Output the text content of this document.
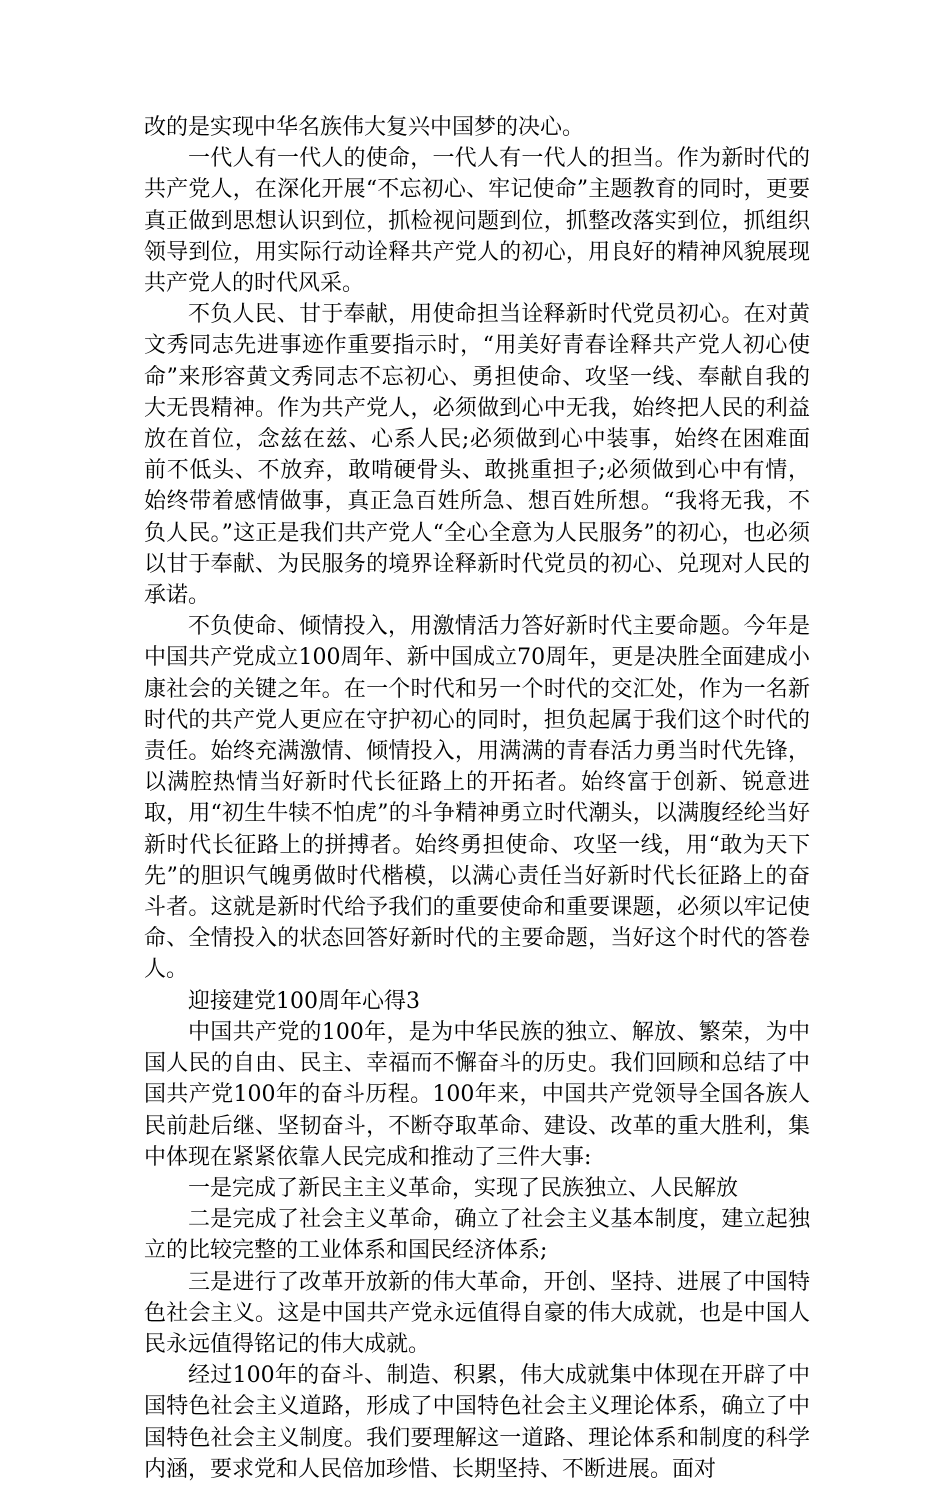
改的是实现中华名族伟大复兴中国梦的决心。

一代人有一代人的使命，一代人有一代人的担当。作为新时代的共产党人，在深化开展“不忘初心、牢记使命”主题教育的同时，更要真正做到思想认识到位，抓检视问题到位，抓整改落实到位，抓组织领导到位，用实际行动诠释共产党人的初心，用良好的精神风貌展现共产党人的时代风采。

不负人民、甘于奉献，用使命担当诠释新时代党员初心。在对黄文秀同志先进事迹作重要指示时，“用美好青春诠释共产党人初心使命”来形容黄文秀同志不忘初心、勇担使命、攻坚一线、奉献自我的大无畏精神。作为共产党人，必须做到心中无我，始终把人民的利益放在首位，念兹在兹、心系人民;必须做到心中装事，始终在困难面前不低头、不放弃，敢啃硬骨头、敢挑重担子;必须做到心中有情，始终带着感情做事，真正急百姓所急、想百姓所想。“我将无我，不负人民。”这正是我们共产党人“全心全意为人民服务”的初心，也必须以甘于奉献、为民服务的境界诠释新时代党员的初心、兑现对人民的承诺。

不负使命、倾情投入，用激情活力答好新时代主要命题。今年是中国共产党成立100周年、新中国成立70周年，更是决胜全面建成小康社会的关键之年。在一个时代和另一个时代的交汇处，作为一名新时代的共产党人更应在守护初心的同时，担负起属于我们这个时代的责任。始终充满激情、倾情投入，用满满的青春活力勇当时代先锋，以满腔热情当好新时代长征路上的开拓者。始终富于创新、锐意进取，用“初生牛犊不怕虎”的斗争精神勇立时代潮头，以满腹经纶当好新时代长征路上的拼搏者。始终勇担使命、攻坚一线，用“敢为天下先”的胆识气魄勇做时代楷模，以满心责任当好新时代长征路上的奋斗者。这就是新时代给予我们的重要使命和重要课题，必须以牢记使命、全情投入的状态回答好新时代的主要命题，当好这个时代的答卷人。

迎接建党100周年心得3

中国共产党的100年，是为中华民族的独立、解放、繁荣，为中国人民的自由、民主、幸福而不懈奋斗的历史。我们回顾和总结了中国共产党100年的奋斗历程。100年来，中国共产党领导全国各族人民前赴后继、坚韧奋斗，不断夺取革命、建设、改革的重大胜利，集中体现在紧紧依靠人民完成和推动了三件大事:

一是完成了新民主主义革命，实现了民族独立、人民解放

二是完成了社会主义革命，确立了社会主义基本制度，建立起独立的比较完整的工业体系和国民经济体系;

三是进行了改革开放新的伟大革命，开创、坚持、进展了中国特色社会主义。这是中国共产党永远值得自豪的伟大成就，也是中国人民永远值得铭记的伟大成就。

经过100年的奋斗、制造、积累，伟大成就集中体现在开辟了中国特色社会主义道路，形成了中国特色社会主义理论体系，确立了中国特色社会主义制度。我们要理解这一道路、理论体系和制度的科学内涵，要求党和人民倍加珍惜、长期坚持、不断进展。面对
